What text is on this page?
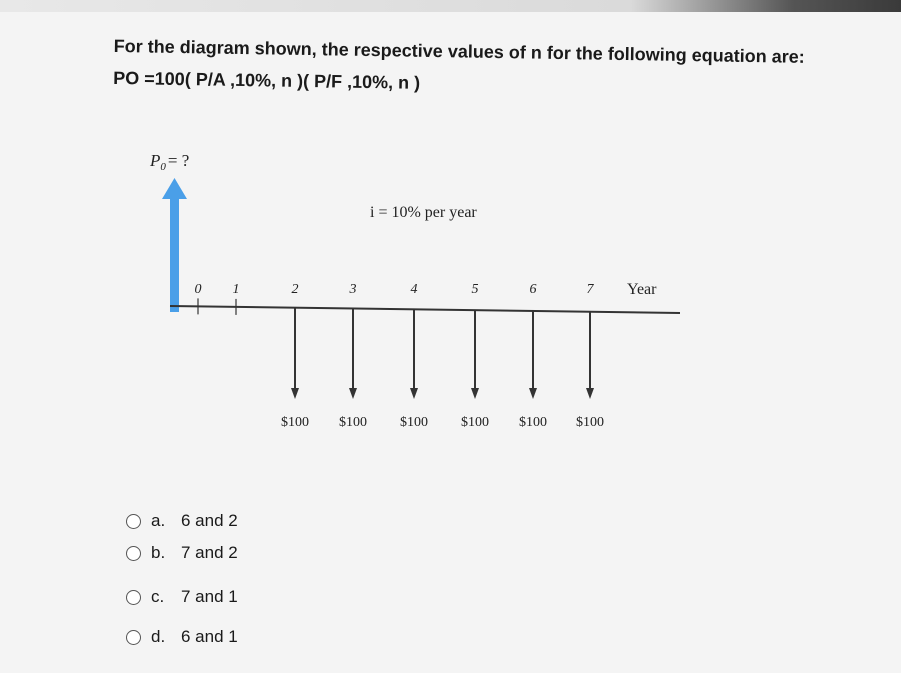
For the diagram shown, the respective values of n for the following equation are:
PO =100( P/A ,10%, n )( P/F ,10%, n )
$P_0$ = ?
i = 10% per year
Year
0 1	2	3	4	5	6	7
$100 $100 $100 $100 $100 $100
a. 6 and 2
b. 7 and 2
c. 7 and 1
d. 6 and 1
